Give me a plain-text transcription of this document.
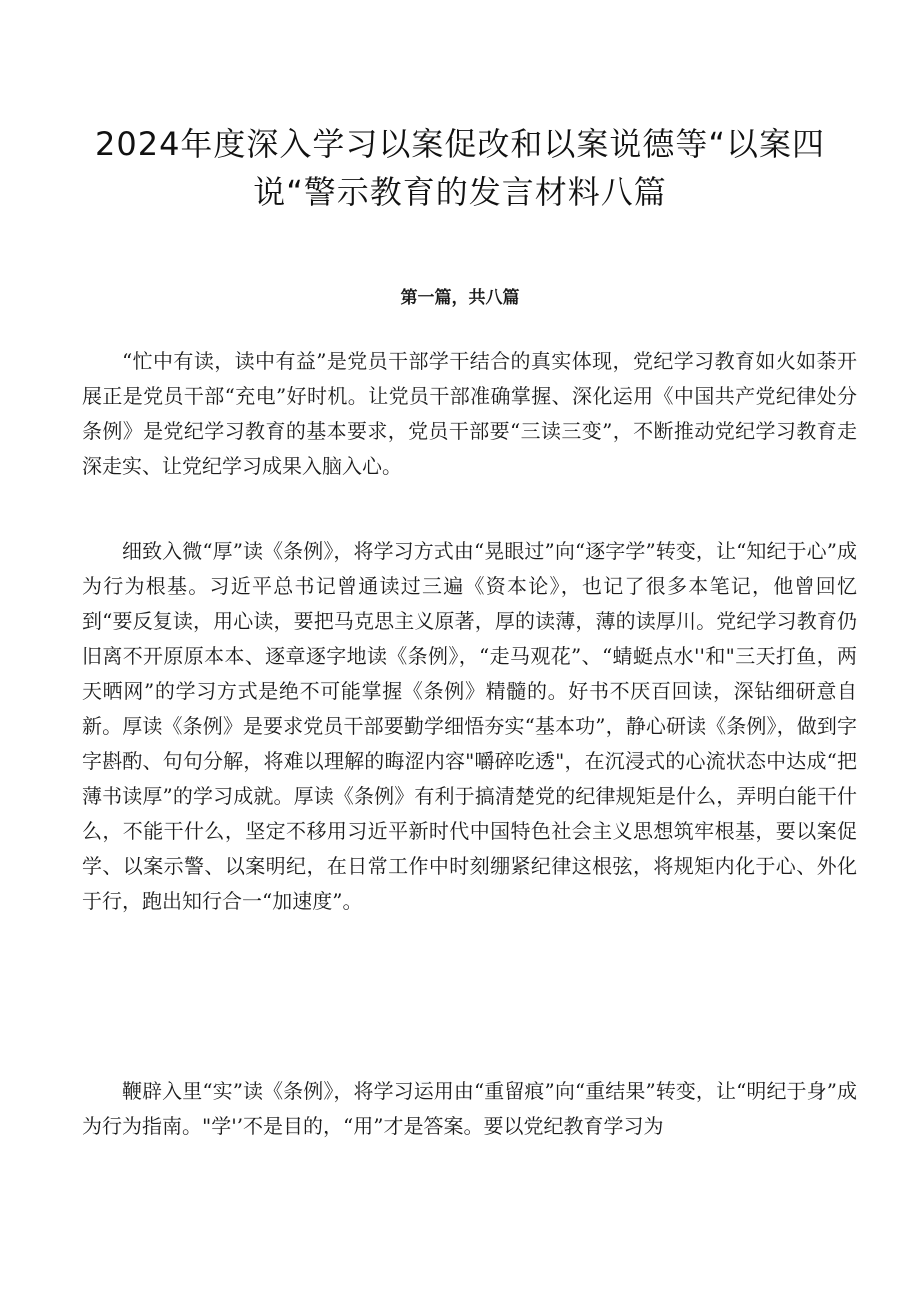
2024年度深入学习以案促改和以案说德等“以案四说“警示教育的发言材料八篇
第一篇，共八篇

“忙中有读，读中有益”是党员干部学干结合的真实体现，党纪学习教育如火如荼开展正是党员干部“充电”好时机。让党员干部准确掌握、深化运用《中国共产党纪律处分条例》是党纪学习教育的基本要求，党员干部要“三读三变”，不断推动党纪学习教育走深走实、让党纪学习成果入脑入心。

细致入微“厚”读《条例》，将学习方式由“晃眼过”向“逐字学”转变，让“知纪于心”成为行为根基。习近平总书记曾通读过三遍《资本论》，也记了很多本笔记，他曾回忆到“要反复读，用心读，要把马克思主义原著，厚的读薄，薄的读厚川。党纪学习教育仍旧离不开原原本本、逐章逐字地读《条例》，“走马观花”、“蜻蜓点水''和"三天打鱼，两天晒网”的学习方式是绝不可能掌握《条例》精髓的。好书不厌百回读，深钻细研意自新。厚读《条例》是要求党员干部要勤学细悟夯实“基本功”，静心研读《条例》，做到字字斟酌、句句分解，将难以理解的晦涩内容"嚼碎吃透"，在沉浸式的心流状态中达成“把薄书读厚”的学习成就。厚读《条例》有利于搞清楚党的纪律规矩是什么，弄明白能干什么，不能干什么，坚定不移用习近平新时代中国特色社会主义思想筑牢根基，要以案促学、以案示警、以案明纪，在日常工作中时刻绷紧纪律这根弦，将规矩内化于心、外化于行，跑出知行合一“加速度”。

鞭辟入里“实”读《条例》，将学习运用由“重留痕”向“重结果”转变，让“明纪于身”成为行为指南。"学'’不是目的，“用”才是答案。要以党纪教育学习为
